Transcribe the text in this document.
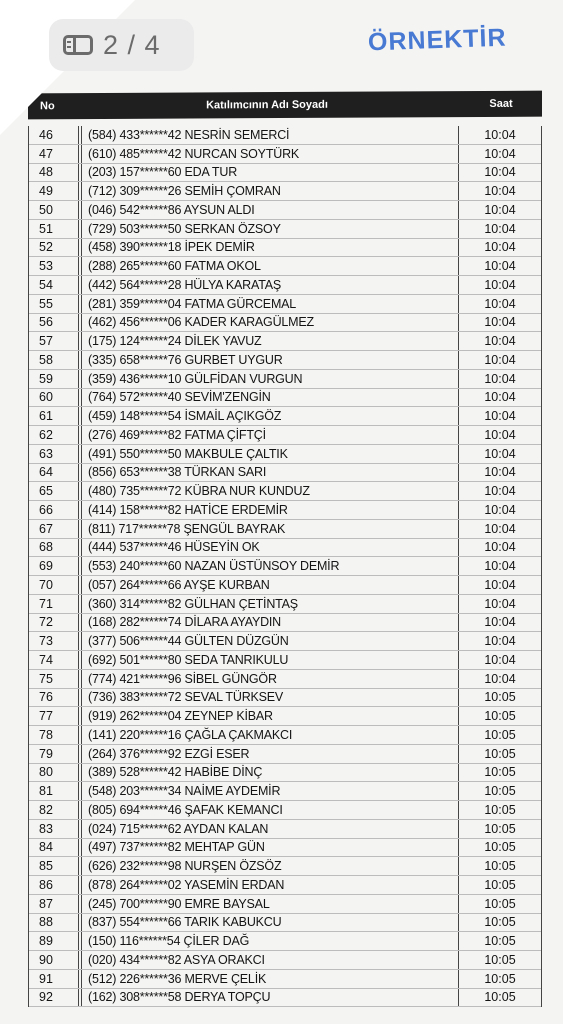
2 / 4	ÖRNEKTİR
No	Katılımcının Adı Soyadı	Saat
46	(584) 433******42 NESRİN SEMERCİ	10:04
47	(610) 485******42 NURCAN SOYTÜRK	10:04
48	(203) 157******60 EDA TUR	10:04
49	(712) 309******26 SEMİH ÇOMRAN	10:04
50	(046) 542******86 AYSUN ALDI	10:04
51	(729) 503******50 SERKAN ÖZSOY	10:04
52	(458) 390******18 İPEK DEMİR	10:04
53	(288) 265******60 FATMA OKOL	10:04
54	(442) 564******28 HÜLYA KARATAŞ	10:04
55	(281) 359******04 FATMA GÜRCEMAL	10:04
56	(462) 456******06 KADER KARAGÜLMEZ	10:04
57	(175) 124******24 DİLEK YAVUZ	10:04
58	(335) 658******76 GURBET UYGUR	10:04
59	(359) 436******10 GÜLFİDAN VURGUN	10:04
60	(764) 572******40 SEVİM'ZENGİN	10:04
61	(459) 148******54 İSMAİL AÇIKGÖZ	10:04
62	(276) 469******82 FATMA ÇİFTÇİ	10:04
63	(491) 550******50 MAKBULE ÇALTIK	10:04
64	(856) 653******38 TÜRKAN SARI	10:04
65	(480) 735******72 KÜBRA NUR KUNDUZ	10:04
66	(414) 158******82 HATİCE ERDEMİR	10:04
67	(811) 717******78 ŞENGÜL BAYRAK	10:04
68	(444) 537******46 HÜSEYİN OK	10:04
69	(553) 240******60 NAZAN ÜSTÜNSOY DEMİR	10:04
70	(057) 264******66 AYŞE KURBAN	10:04
71	(360) 314******82 GÜLHAN ÇETİNTAŞ	10:04
72	(168) 282******74 DİLARA AYAYDIN	10:04
73	(377) 506******44 GÜLTEN DÜZGÜN	10:04
74	(692) 501******80 SEDA TANRIKULU	10:04
75	(774) 421******96 SİBEL GÜNGÖR	10:04
76	(736) 383******72 SEVAL TÜRKSEV	10:05
77	(919) 262******04 ZEYNEP KİBAR	10:05
78	(141) 220******16 ÇAĞLA ÇAKMAKCI	10:05
79	(264) 376******92 EZGİ ESER	10:05
80	(389) 528******42 HABİBE DİNÇ	10:05
81	(548) 203******34 NAİME AYDEMİR	10:05
82	(805) 694******46 ŞAFAK KEMANCI	10:05
83	(024) 715******62 AYDAN KALAN	10:05
84	(497) 737******82 MEHTAP GÜN	10:05
85	(626) 232******98 NURŞEN ÖZSÖZ	10:05
86	(878) 264******02 YASEMİN ERDAN	10:05
87	(245) 700******90 EMRE BAYSAL	10:05
88	(837) 554******66 TARIK KABUKCU	10:05
89	(150) 116******54 ÇİLER DAĞ	10:05
90	(020) 434******82 ASYA ORAKCI	10:05
91	(512) 226******36 MERVE ÇELİK	10:05
92	(162) 308******58 DERYA TOPÇU	10:05
